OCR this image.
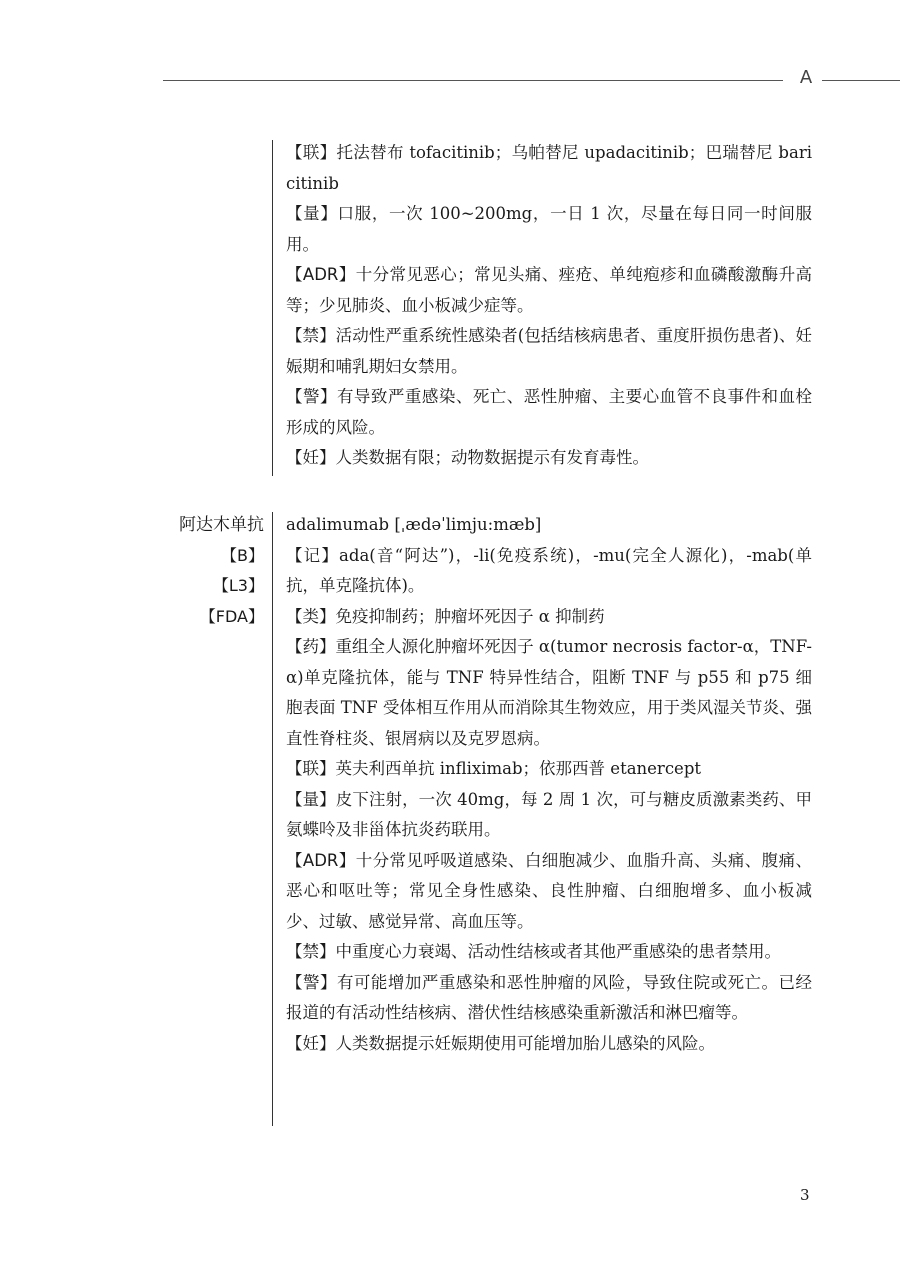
A
【联】托法替布 tofacitinib；乌帕替尼 upadacitinib；巴瑞替尼 baricitinib
【量】口服，一次 100~200mg，一日 1 次，尽量在每日同一时间服用。
【ADR】十分常见恶心；常见头痛、痤疮、单纯疱疹和血磷酸激酶升高等；少见肺炎、血小板减少症等。
【禁】活动性严重系统性感染者(包括结核病患者、重度肝损伤患者)、妊娠期和哺乳期妇女禁用。
【警】有导致严重感染、死亡、恶性肿瘤、主要心血管不良事件和血栓形成的风险。
【妊】人类数据有限；动物数据提示有发育毒性。
阿达木单抗
【B】
【L3】
【FDA】
adalimumab [ˌædəˈlimju:mæb]
【记】ada(音“阿达”)，-li(免疫系统)，-mu(完全人源化)，-mab(单抗，单克隆抗体)。
【类】免疫抑制药；肿瘤坏死因子 α 抑制药
【药】重组全人源化肿瘤坏死因子 α(tumor necrosis factor-α，TNF-α)单克隆抗体，能与 TNF 特异性结合，阻断 TNF 与 p55 和 p75 细胞表面 TNF 受体相互作用从而消除其生物效应，用于类风湿关节炎、强直性脊柱炎、银屑病以及克罗恩病。
【联】英夫利西单抗 infliximab；依那西普 etanercept
【量】皮下注射，一次 40mg，每 2 周 1 次，可与糖皮质激素类药、甲氨蝶呤及非甾体抗炎药联用。
【ADR】十分常见呼吸道感染、白细胞减少、血脂升高、头痛、腹痛、恶心和呕吐等；常见全身性感染、良性肿瘤、白细胞增多、血小板减少、过敏、感觉异常、高血压等。
【禁】中重度心力衰竭、活动性结核或者其他严重感染的患者禁用。
【警】有可能增加严重感染和恶性肿瘤的风险，导致住院或死亡。已经报道的有活动性结核病、潜伏性结核感染重新激活和淋巴瘤等。
【妊】人类数据提示妊娠期使用可能增加胎儿感染的风险。
3
